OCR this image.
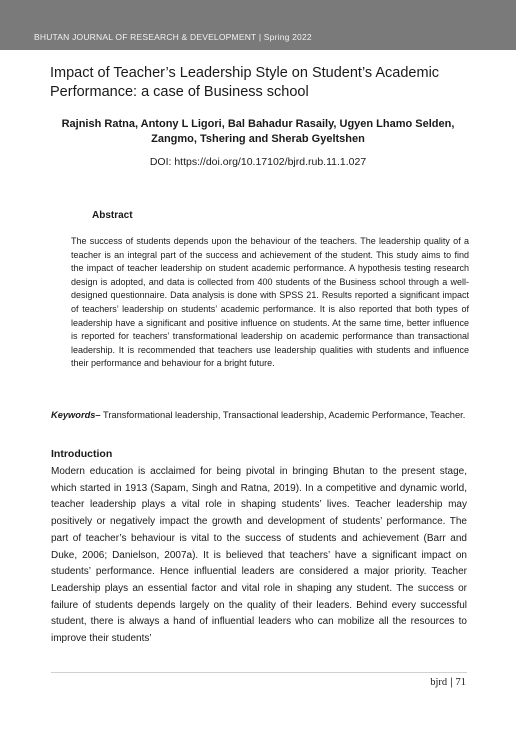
BHUTAN JOURNAL OF RESEARCH & DEVELOPMENT | Spring 2022
Impact of Teacher’s Leadership Style on Student’s Academic Performance: a case of Business school
Rajnish Ratna, Antony L Ligori, Bal Bahadur Rasaily, Ugyen Lhamo Selden, Zangmo, Tshering and Sherab Gyeltshen
DOI: https://doi.org/10.17102/bjrd.rub.11.1.027
Abstract
The success of students depends upon the behaviour of the teachers. The leadership quality of a teacher is an integral part of the success and achievement of the student. This study aims to find the impact of teacher leadership on student academic performance. A hypothesis testing research design is adopted, and data is collected from 400 students of the Business school through a well-designed questionnaire. Data analysis is done with SPSS 21. Results reported a significant impact of teachers’ leadership on students’ academic performance. It is also reported that both types of leadership have a significant and positive influence on students. At the same time, better influence is reported for teachers’ transformational leadership on academic performance than transactional leadership. It is recommended that teachers use leadership qualities with students and influence their performance and behaviour for a bright future.
Keywords– Transformational leadership, Transactional leadership, Academic Performance, Teacher.
Introduction
Modern education is acclaimed for being pivotal in bringing Bhutan to the present stage, which started in 1913 (Sapam, Singh and Ratna, 2019). In a competitive and dynamic world, teacher leadership plays a vital role in shaping students’ lives. Teacher leadership may positively or negatively impact the growth and development of students’ performance. The part of teacher’s behaviour is vital to the success of students and achievement (Barr and Duke, 2006; Danielson, 2007a). It is believed that teachers’ have a significant impact on students’ performance. Hence influential leaders are considered a major priority. Teacher Leadership plays an essential factor and vital role in shaping any student. The success or failure of students depends largely on the quality of their leaders. Behind every successful student, there is always a hand of influential leaders who can mobilize all the resources to improve their students’
bjrd | 71
